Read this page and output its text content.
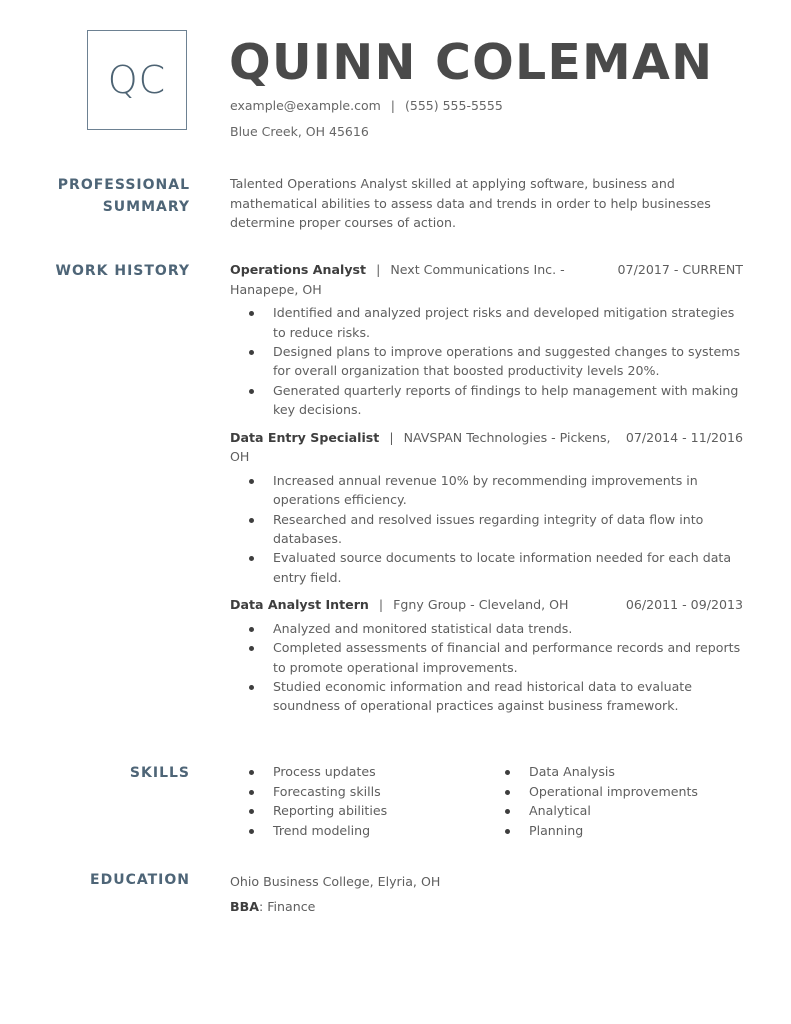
QC QUINN COLEMAN
example@example.com | (555) 555-5555
Blue Creek, OH 45616
PROFESSIONAL
SUMMARY
Talented Operations Analyst skilled at applying software, business and mathematical abilities to assess data and trends in order to help businesses determine proper courses of action.
WORK HISTORY	Operations Analyst | Next Communications Inc. -	07/2017 - CURRENT
Hanapepe, OH
Identified and analyzed project risks and developed mitigation strategies to reduce risks.
Designed plans to improve operations and suggested changes to systems for overall organization that boosted productivity levels 20%.
Generated quarterly reports of findings to help management with making key decisions.
Data Entry Specialist | NAVSPAN Technologies - Pickens, 07/2014 - 11/2016
OH
Increased annual revenue 10% by recommending improvements in operations efficiency.
Researched and resolved issues regarding integrity of data flow into databases.
Evaluated source documents to locate information needed for each data entry field.
Data Analyst Intern | Fgny Group - Cleveland, OH	06/2011 - 09/2013
Analyzed and monitored statistical data trends.
Completed assessments of financial and performance records and reports to promote operational improvements.
Studied economic information and read historical data to evaluate soundness of operational practices against business framework.
SKILLS	Process updates
Forecasting skills
Reporting abilities
Trend modeling
Data Analysis
Operational improvements
Analytical
Planning
EDUCATION	Ohio Business College, Elyria, OH
BBA: Finance
